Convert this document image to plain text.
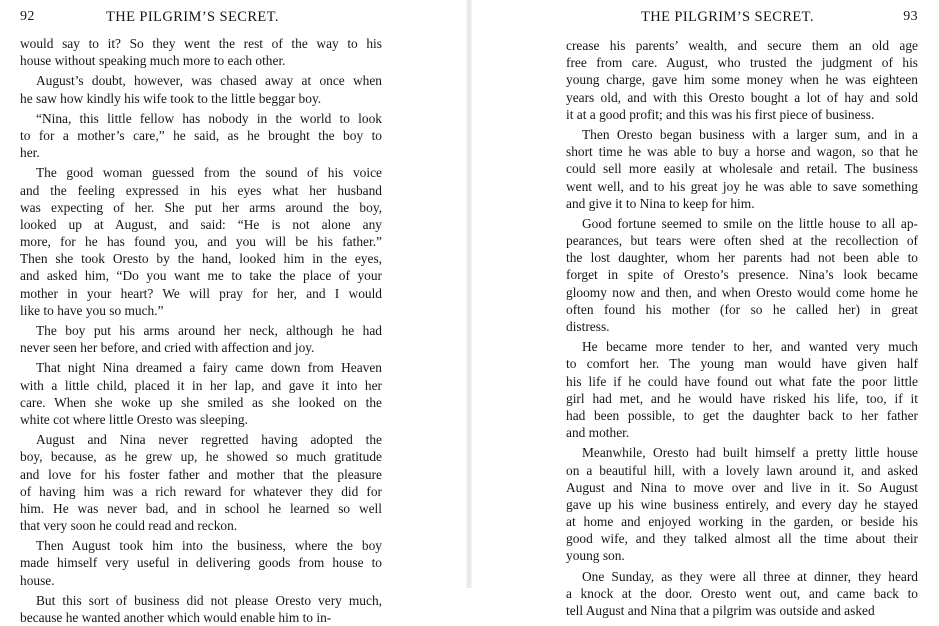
92	THE PILGRIM’S SECRET.
would say to it? So they went the rest of the way to his
house without speaking much more to each other.
August’s doubt, however, was chased away at once when
he saw how kindly his wife took to the little beggar boy.
“Nina, this little fellow has nobody in the world to look
to for a mother’s care,” he said, as he brought the boy to
her.
The good woman guessed from the sound of his voice
and the feeling expressed in his eyes what her husband
was expecting of her. She put her arms around the boy,
looked up at August, and said: “He is not alone any
more, for he has found you, and you will be his father.”
Then she took Oresto by the hand, looked him in the eyes,
and asked him, “Do you want me to take the place of your
mother in your heart? We will pray for her, and I would
like to have you so much.”
The boy put his arms around her neck, although he had
never seen her before, and cried with affection and joy.
That night Nina dreamed a fairy came down from Heaven
with a little child, placed it in her lap, and gave it into her
care. When she woke up she smiled as she looked on the
white cot where little Oresto was sleeping.
August and Nina never regretted having adopted the
boy, because, as he grew up, he showed so much gratitude
and love for his foster father and mother that the pleasure
of having him was a rich reward for whatever they did for
him. He was never bad, and in school he learned so well
that very soon he could read and reckon.
Then August took him into the business, where the boy
made himself very useful in delivering goods from house to
house.
But this sort of business did not please Oresto very much,
because he wanted another which would enable him to in-
THE PILGRIM’S SECRET.	93
crease his parents’ wealth, and secure them an old age
free from care. August, who trusted the judgment of his
young charge, gave him some money when he was eighteen
years old, and with this Oresto bought a lot of hay and sold
it at a good profit; and this was his first piece of business.
Then Oresto began business with a larger sum, and in a
short time he was able to buy a horse and wagon, so that he
could sell more easily at wholesale and retail. The business
went well, and to his great joy he was able to save something
and give it to Nina to keep for him.
Good fortune seemed to smile on the little house to all ap-
pearances, but tears were often shed at the recollection of
the lost daughter, whom her parents had not been able to
forget in spite of Oresto’s presence. Nina’s look became
gloomy now and then, and when Oresto would come home he
often found his mother (for so he called her) in great
distress.
He became more tender to her, and wanted very much
to comfort her. The young man would have given half
his life if he could have found out what fate the poor little
girl had met, and he would have risked his life, too, if it
had been possible, to get the daughter back to her father
and mother.
Meanwhile, Oresto had built himself a pretty little house
on a beautiful hill, with a lovely lawn around it, and asked
August and Nina to move over and live in it. So August
gave up his wine business entirely, and every day he stayed
at home and enjoyed working in the garden, or beside his
good wife, and they talked almost all the time about their
young son.
One Sunday, as they were all three at dinner, they heard
a knock at the door. Oresto went out, and came back to
tell August and Nina that a pilgrim was outside and asked
